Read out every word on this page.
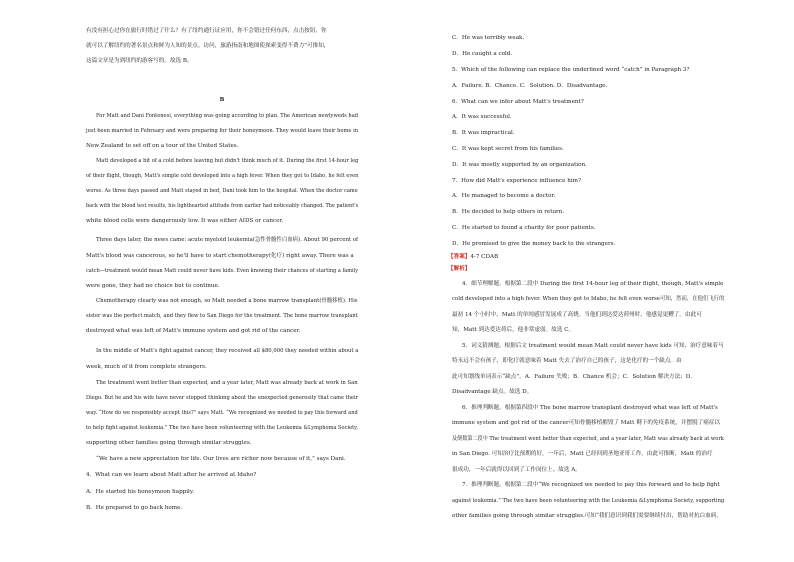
有没有担心过你在旅行时错过了什么？有了纽约通行证应用，你不会错过任何东西，点击按钮，你
就可以了解纽约的著名景点和鲜为人知的景点。访问，旅游指南和地图使探索变得不费力”可推知，
这篇文章是为到纽约的游客写的。故选 B。
B
For Matt and Dani Fontenesi, everything was going according to plan. The American newlyweds had
just been married in February and were preparing for their honeymoon. They would leave their home in
New Zealand to set off on a tour of the United States.
Matt developed a bit of a cold before leaving but didn't think much of it. During the first 14-hour leg
of their flight, though, Matt's simple cold developed into a high fever. When they got to Idaho, he felt even
worse. As three days passed and Matt stayed in bed, Dani took him to the hospital. When the doctor came
back with the blood test results, his lighthearted attitude from earlier had noticeably changed. The patient's
white blood cells were dangerously low. It was either AIDS or cancer.
Three days later, the news came: acute myeloid leukemia(急性骨髓性白血病). About 90 percent of
Matt's blood was cancerous, so he'll have to start chemotherapy(化疗) right away. There was a
catch—treatment would mean Matt could never have kids. Even knowing their chances of starting a family
were gone, they had no choice but to continue.
Chemotherapy clearly was not enough, so Matt needed a bone marrow transplant(骨髓移植). His
sister was the perfect match, and they flew to San Diego for the treatment. The bone marrow transplant
destroyed what was left of Matt's immune system and got rid of the cancer.
In the middle of Matt's fight against cancer, they received all $80,000 they needed within about a
week, much of it from complete strangers.
The treatment went better than expected, and a year later, Matt was already back at work in San
Diego. But he and his wife have never stopped thinking about the unexpected generosity that came their
way. “How do we responsibly accept this?” says Matt. “We recognized we needed to pay this forward and
to help fight against leukemia.” The two have been volunteering with the Leukemia &Lymphoma Society,
supporting other families going through similar struggles.
“We have a new appreciation for life. Our lives are richer now because of it,” says Dani.
4．What can we learn about Matt after he arrived at Idaho?
A．He started his honeymoon happily.
B．He prepared to go back home.
C．He was terribly weak.
D．He caught a cold.
5．Which of the following can replace the underlined word “catch” in Paragraph 3?
A．Failure. B．Chance. C．Solution. D．Disadvantage.
6．What can we infer about Matt's treatment?
A．It was successful.
B．It was impractical.
C．It was kept secret from his families.
D．It was mostly supported by an organization.
7．How did Matt's experience influence him?
A．He managed to become a doctor.
B．He decided to help others in return.
C．He started to found a charity for poor patients.
D．He promised to give the money back to the strangers.
【答案】4-7 CDAB
【解析】
4．细节理解题。根据第二段中 During the first 14-hour leg of their flight, though, Matt's simple
cold developed into a high fever. When they got to Idaho, he felt even worse可知，然而，在他们飞行的
最初 14 个小时中，Matt 的单纯感冒发展成了高烧。当他们到达爱达荷州时，他感觉更糟了。由此可
知，Matt 到达爱达荷后，他非常虚弱。故选 C。
5．词义猜测题。根据后文 treatment would mean Matt could never have kids 可知，治疗意味着马
特永远不会有孩子，即化疗就意味着 Matt 失去了治疗自己的孩子，这是化疗的一个缺点。由
此可知划线单词表示“缺点”。A．Failure 失败；B．Chance 机会；C．Solution 解决方法；D．
Disadvantage 缺点。故选 D。
6．推理判断题。根据第四段中 The bone marrow transplant destroyed what was left of Matt's
immune system and got rid of the cancer可知骨髓移植摧毁了 Matt 剩下的免疫系统，并摆脱了癌症以
及倒数第二段中 The treatment went better than expected, and a year later, Matt was already back at work
in San Diego. 可知治疗比预期的好，一年后，Matt 已经回到圣地亚哥工作。由此可推断，Matt 的治疗
很成功，一年后就得以回到了工作岗位上。故选 A。
7．推理判断题。根据第二段中“We recognized we needed to pay this forward and to help fight
against leukemia.” The two have been volunteering with the Leukemia &Lymphoma Society, supporting
other families going through similar struggles.可知“我们意识到我们需要继续付出，帮助对抗白血病。
